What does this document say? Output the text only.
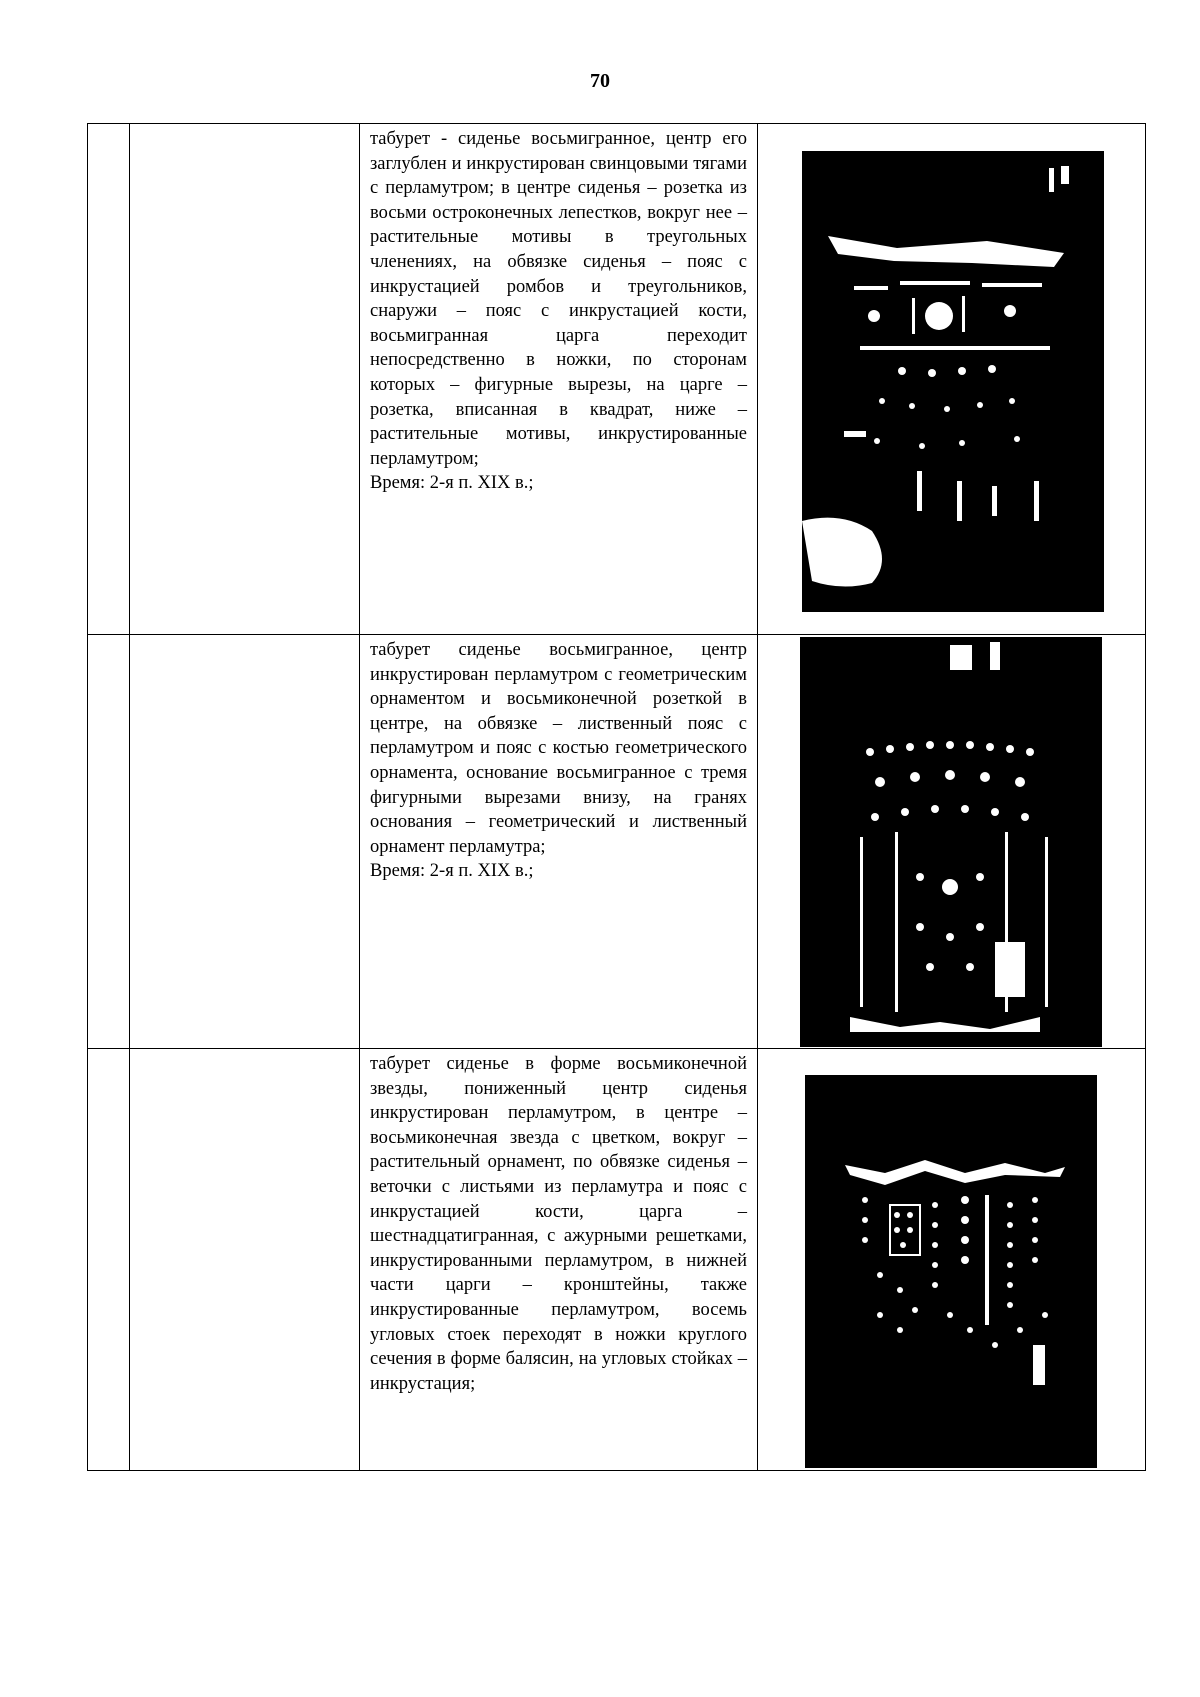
70

		табурет - сиденье восьмигранное, центр его заглублен и инкрустирован свинцовыми тягами с перламутром; в центре сиденья – розетка из восьми остроконечных лепестков, вокруг нее – растительные мотивы в треугольных членениях, на обвязке сиденья – пояс с инкрустацией ромбов и треугольников, снаружи – пояс с инкрустацией кости, восьмигранная царга переходит непосредственно в ножки, по сторонам которых – фигурные вырезы, на царге – розетка, вписанная в квадрат, ниже – растительные мотивы, инкрустированные перламутром;
Время: 2-я п. XIX в.;

		табурет сиденье восьмигранное, центр инкрустирован перламутром с геометрическим орнаментом и восьмиконечной розеткой в центре, на обвязке – лиственный пояс с перламутром и пояс с костью геометрического орнамента, основание восьмигранное с тремя фигурными вырезами внизу, на гранях основания – геометрический и лиственный орнамент перламутра;
Время: 2-я п. XIX в.;

		табурет сиденье в форме восьмиконечной звезды, пониженный центр сиденья инкрустирован перламутром, в центре – восьмиконечная звезда с цветком, вокруг – растительный орнамент, по обвязке сиденья – веточки с листьями из перламутра и пояс с инкрустацией кости, царга – шестнадцатигранная, с ажурными решетками, инкрустированными перламутром, в нижней части царги – кронштейны, также инкрустированные перламутром, восемь угловых стоек переходят в ножки круглого сечения в форме балясин, на угловых стойках – инкрустация;
